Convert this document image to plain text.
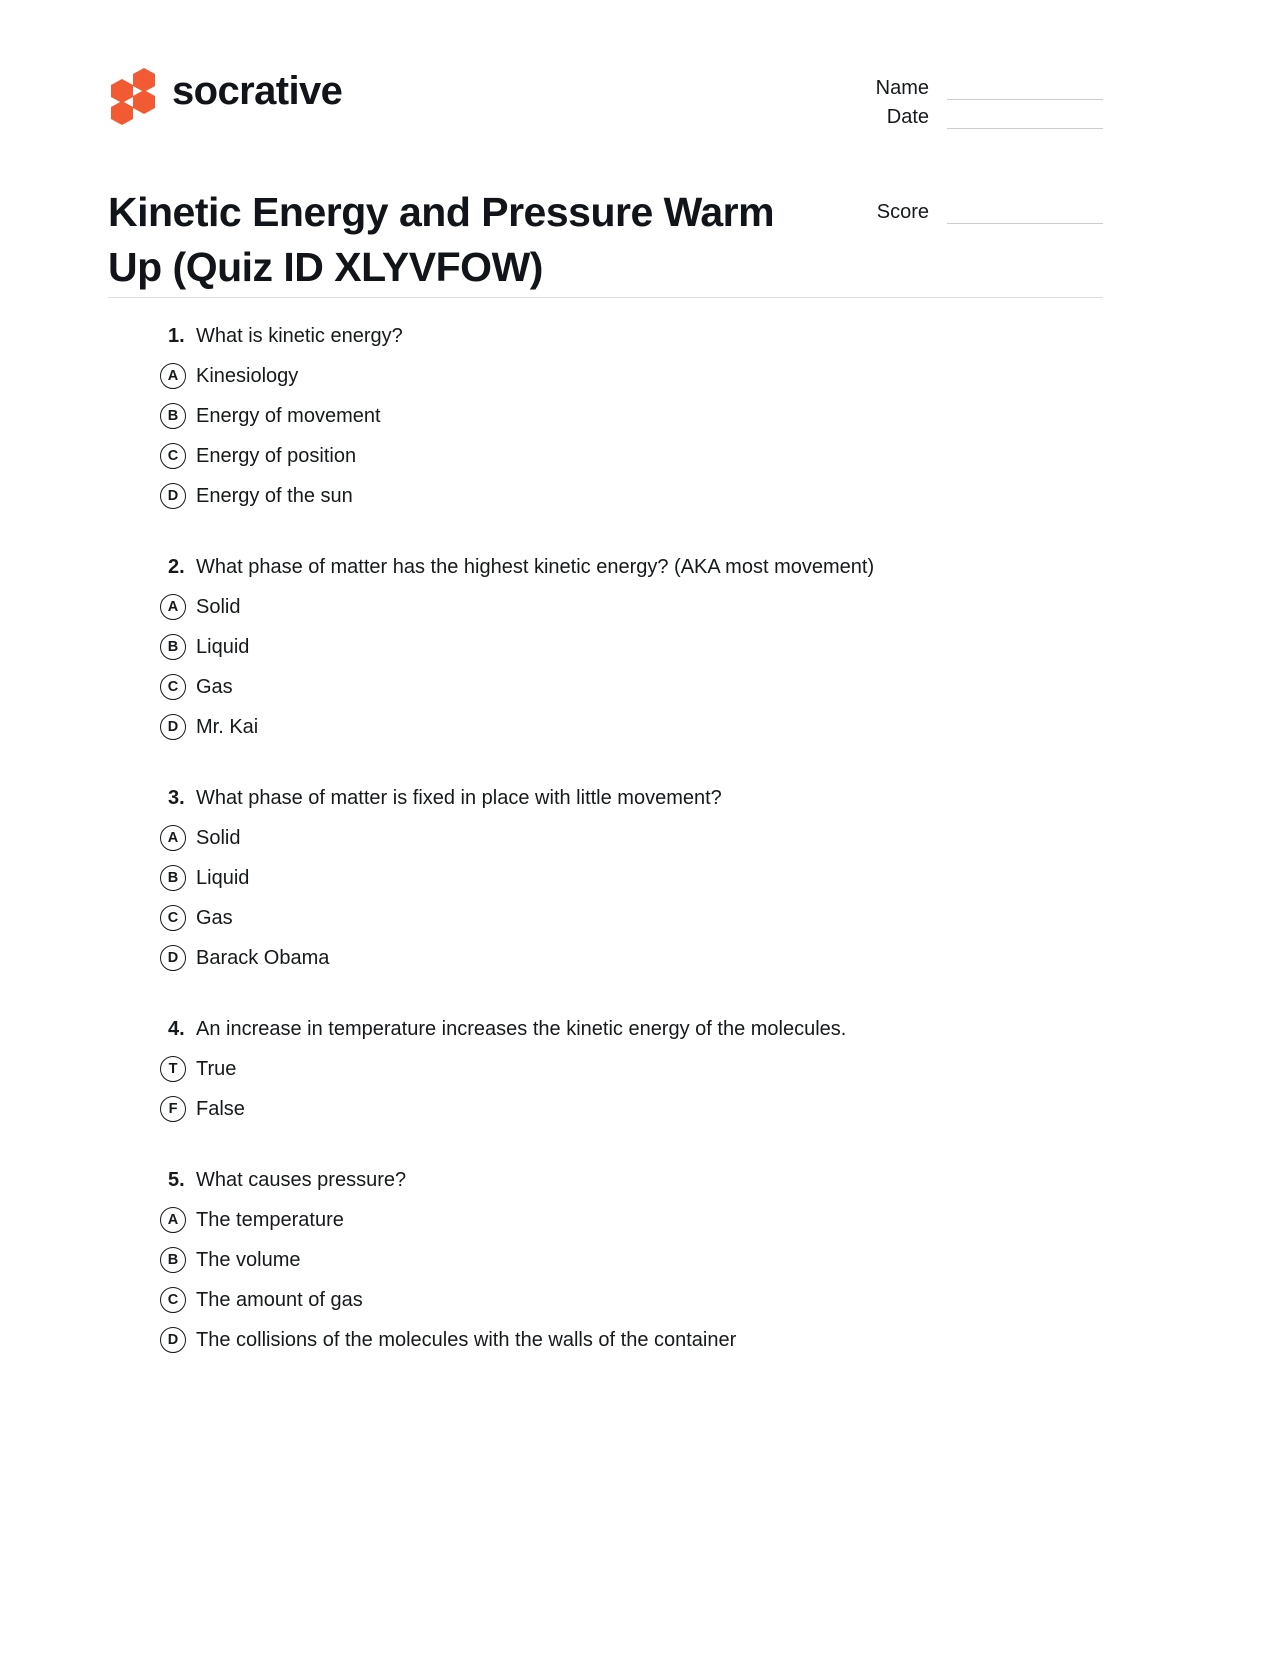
socrative	Name
Date
Score
Kinetic Energy and Pressure Warm Up (Quiz ID XLYVFOW)
1. What is kinetic energy?
A Kinesiology
B Energy of movement
C Energy of position
D Energy of the sun
2. What phase of matter has the highest kinetic energy? (AKA most movement)
A Solid
B Liquid
C Gas
D Mr. Kai
3. What phase of matter is fixed in place with little movement?
A Solid
B Liquid
C Gas
D Barack Obama
4. An increase in temperature increases the kinetic energy of the molecules.
T True
F False
5. What causes pressure?
A The temperature
B The volume
C The amount of gas
D The collisions of the molecules with the walls of the container
